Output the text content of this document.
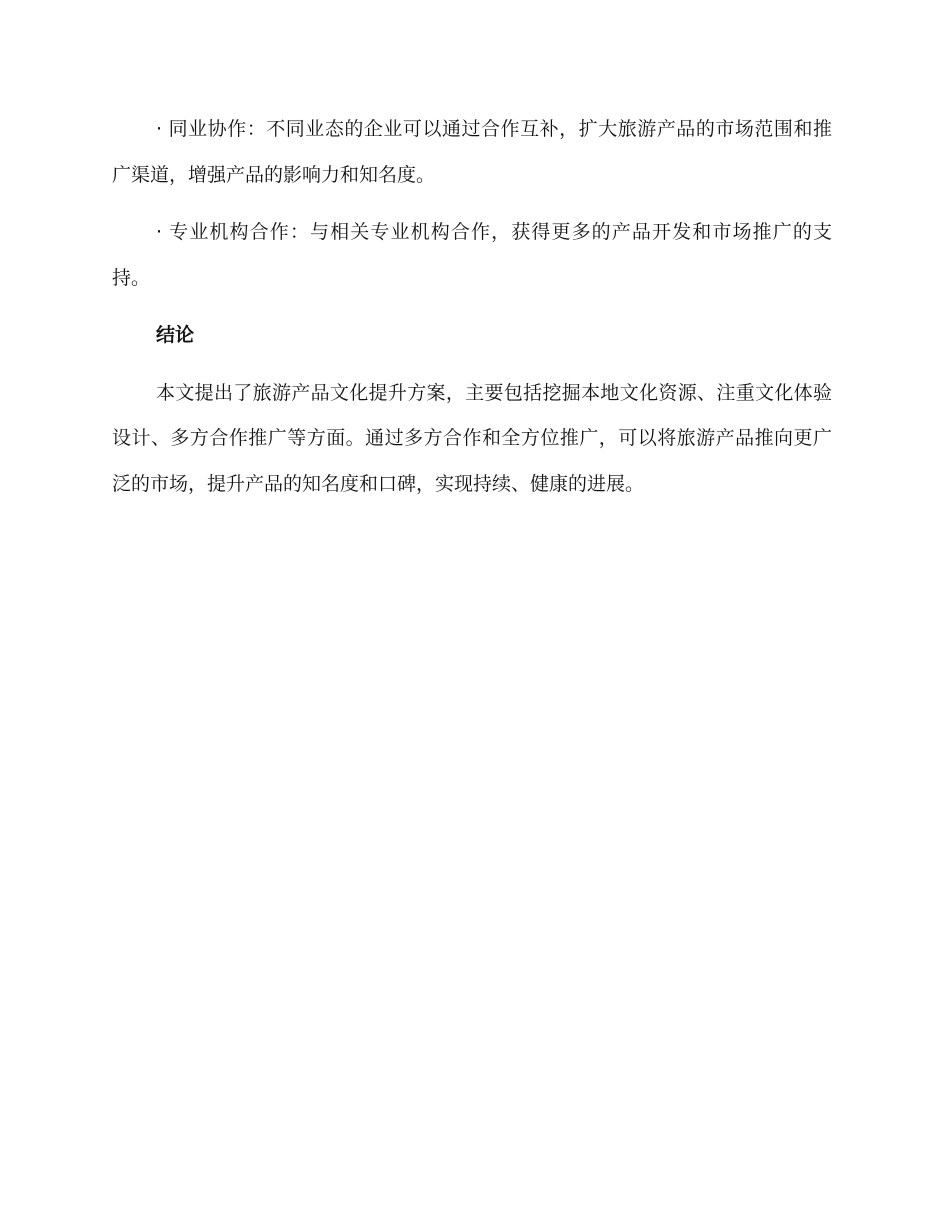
· 同业协作：不同业态的企业可以通过合作互补，扩大旅游产品的市场范围和推广渠道，增强产品的影响力和知名度。

· 专业机构合作：与相关专业机构合作，获得更多的产品开发和市场推广的支持。

结论

本文提出了旅游产品文化提升方案，主要包括挖掘本地文化资源、注重文化体验设计、多方合作推广等方面。通过多方合作和全方位推广，可以将旅游产品推向更广泛的市场，提升产品的知名度和口碑，实现持续、健康的进展。
